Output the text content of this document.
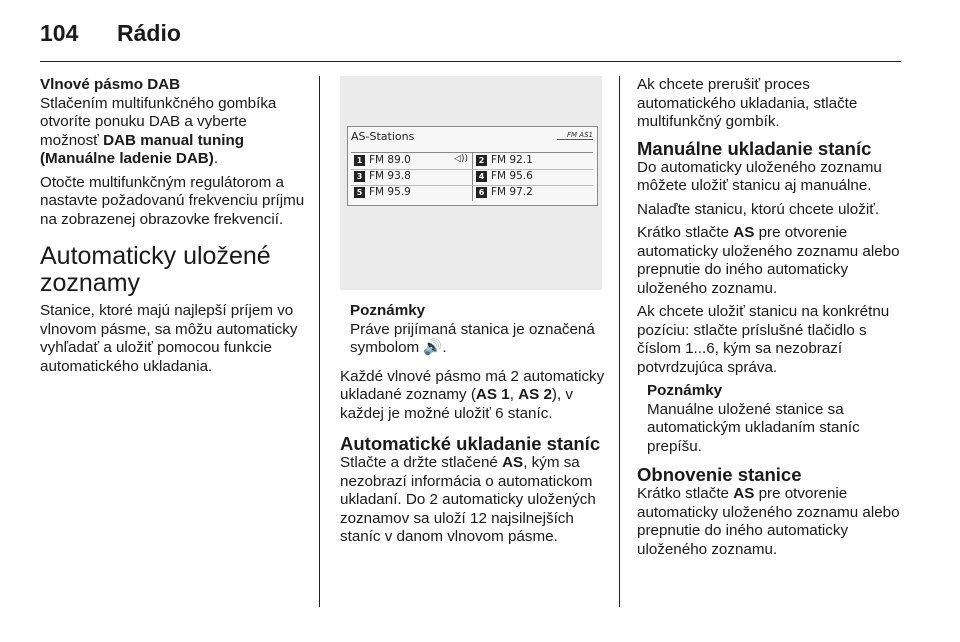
104 Rádio
Vlnové pásmo DAB

Stlačením multifunkčného gombíka otvoríte ponuku DAB a vyberte možnosť DAB manual tuning (Manuálne ladenie DAB).

Otočte multifunkčným regulátorom a nastavte požadovanú frekvenciu príjmu na zobrazenej obrazovke frekvencií.

Automaticky uložené zoznamy

Stanice, ktoré majú najlepší príjem vo vlnovom pásme, sa môžu automaticky vyhľadať a uložiť pomocou funkcie automatického ukladania.

AS-Stations	FM AS1
1 FM 89.0	◁))	2 FM 92.1
3 FM 93.8	4 FM 95.6
5 FM 95.9	6 FM 97.2
Poznámky
Práve prijímaná stanica je označená symbolom 🔊.

Každé vlnové pásmo má 2 automaticky ukladané zoznamy (AS 1, AS 2), v každej je možné uložiť 6 staníc.

Automatické ukladanie staníc

Stlačte a držte stlačené AS, kým sa nezobrazí informácia o automatickom ukladaní. Do 2 automaticky uložených zoznamov sa uloží 12 najsilnejších staníc v danom vlnovom pásme.

Ak chcete prerušiť proces automatického ukladania, stlačte multifunkčný gombík.

Manuálne ukladanie staníc

Do automaticky uloženého zoznamu môžete uložiť stanicu aj manuálne.

Nalaďte stanicu, ktorú chcete uložiť.

Krátko stlačte AS pre otvorenie automaticky uloženého zoznamu alebo prepnutie do iného automaticky uloženého zoznamu.

Ak chcete uložiť stanicu na konkrétnu pozíciu: stlačte príslušné tlačidlo s číslom 1...6, kým sa nezobrazí potvrdzujúca správa.

Poznámky
Manuálne uložené stanice sa automatickým ukladaním staníc prepíšu.
Obnovenie stanice

Krátko stlačte AS pre otvorenie automaticky uloženého zoznamu alebo prepnutie do iného automaticky uloženého zoznamu.
